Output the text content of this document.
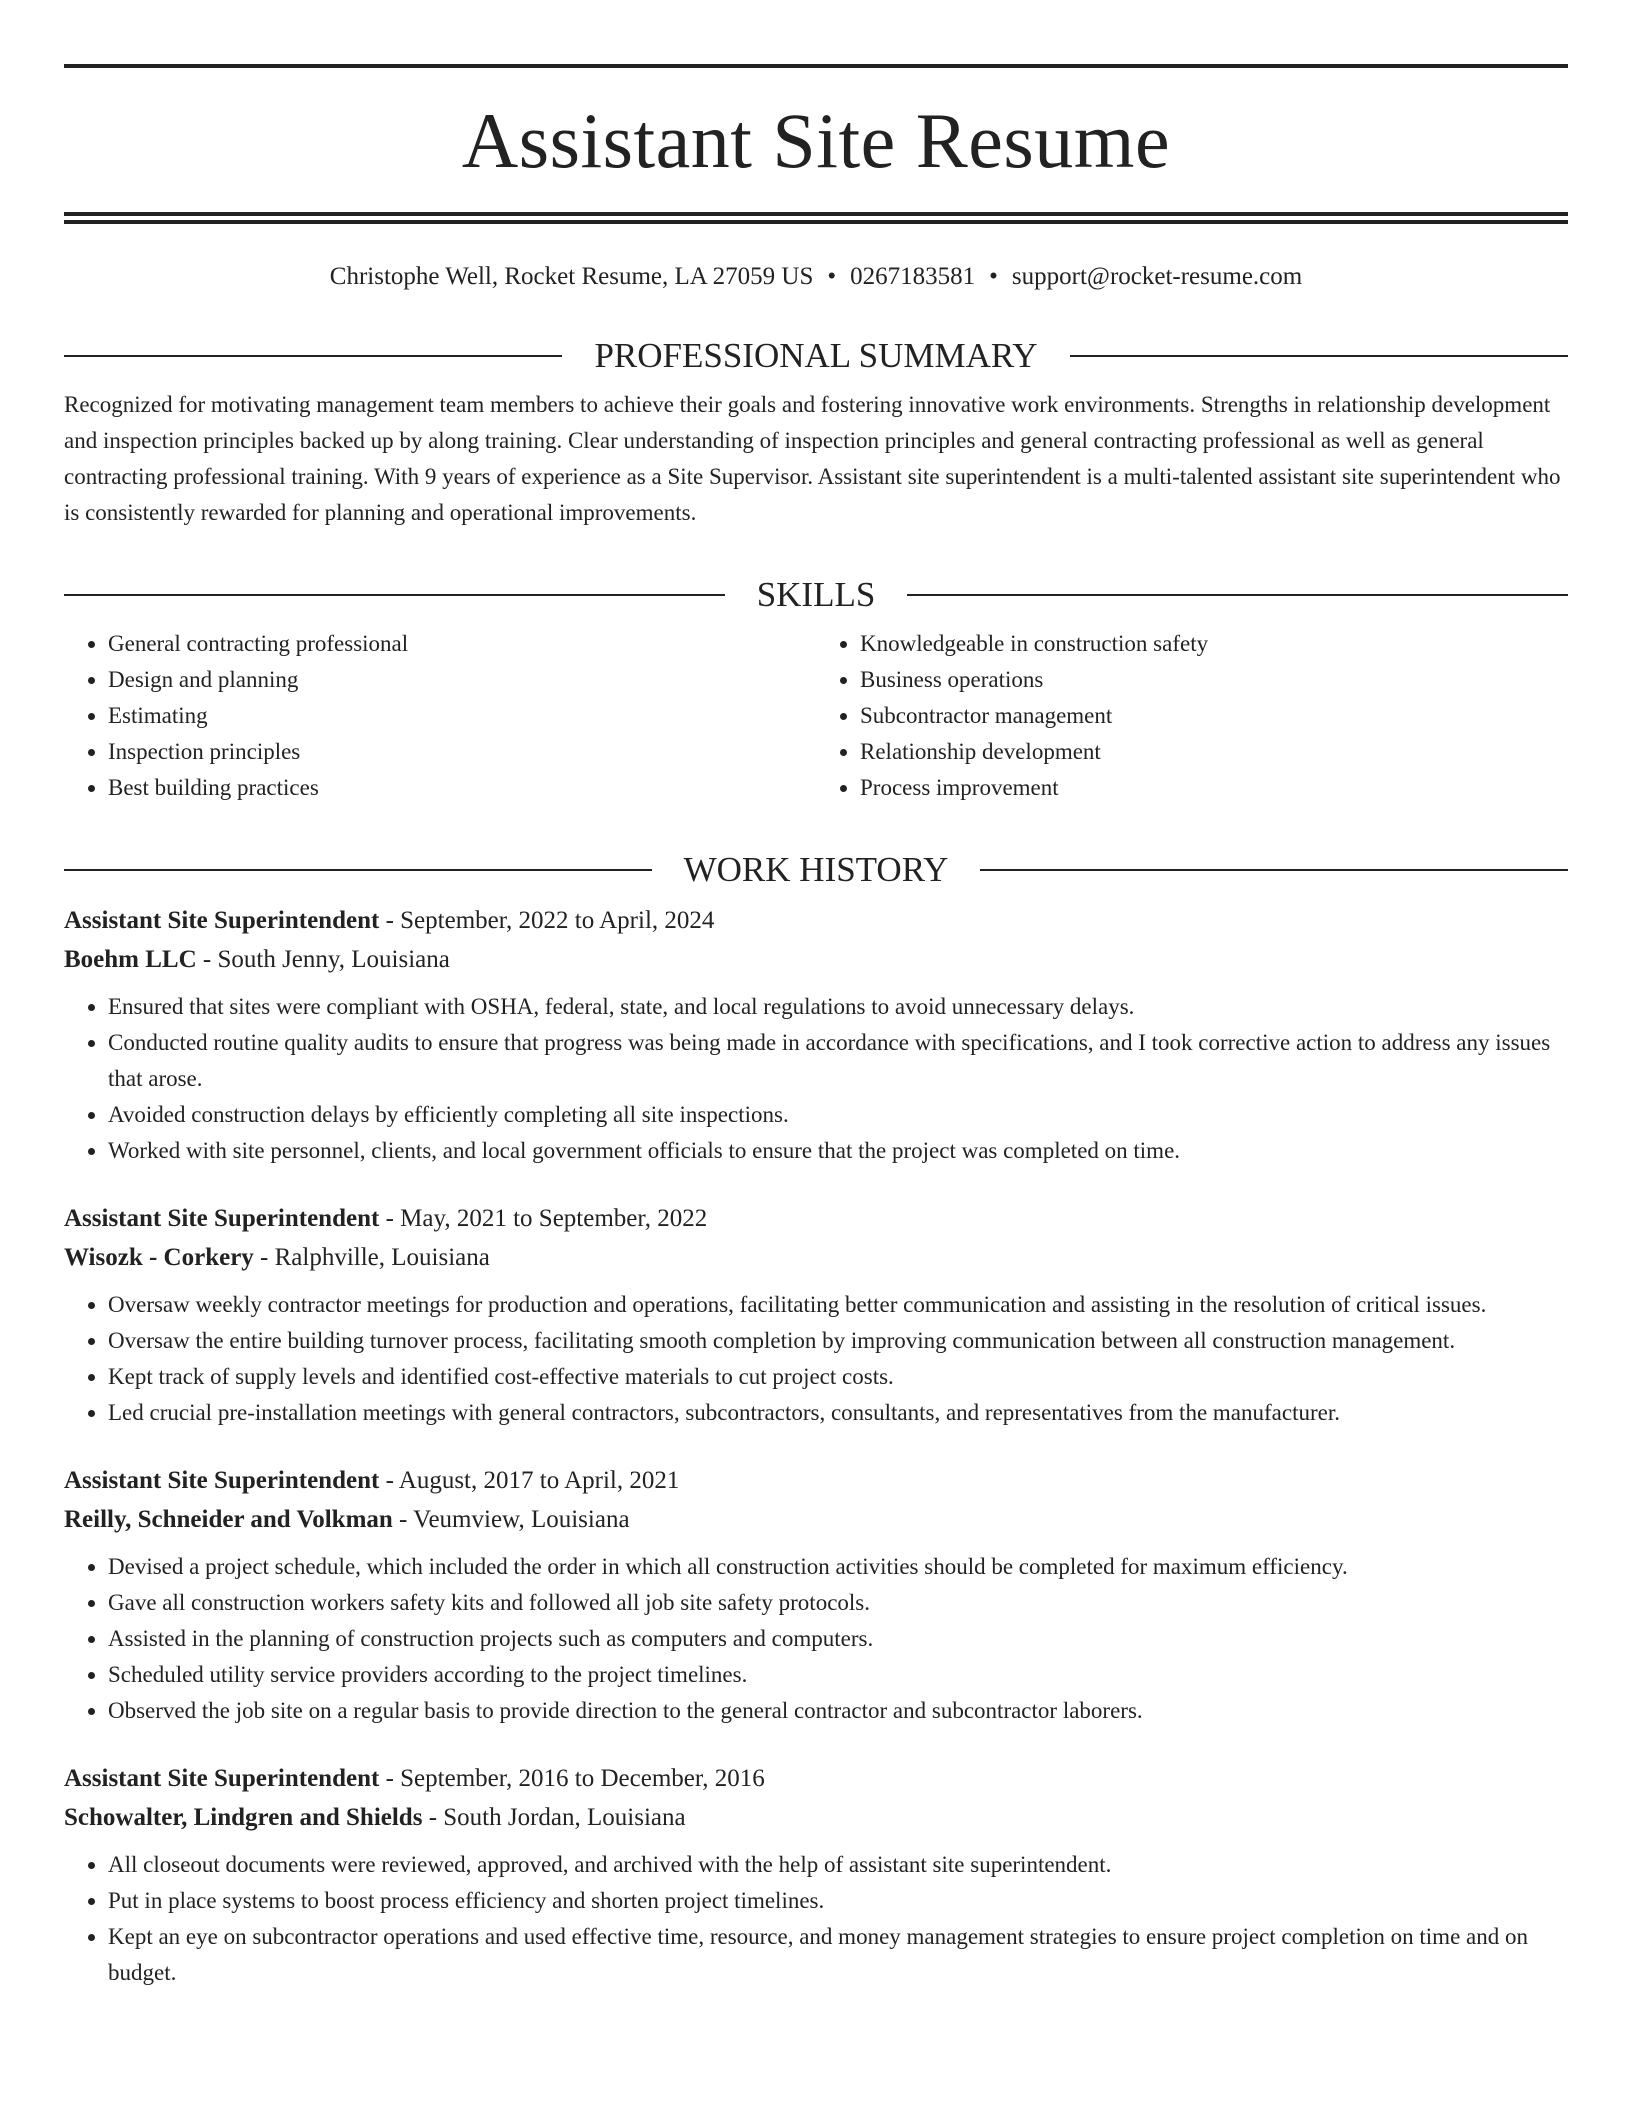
Assistant Site Resume
Christophe Well, Rocket Resume, LA 27059 US • 0267183581 • support@rocket-resume.com
PROFESSIONAL SUMMARY

Recognized for motivating management team members to achieve their goals and fostering innovative work environments. Strengths in relationship development and inspection principles backed up by along training. Clear understanding of inspection principles and general contracting professional as well as general contracting professional training. With 9 years of experience as a Site Supervisor. Assistant site superintendent is a multi-talented assistant site superintendent who is consistently rewarded for planning and operational improvements.

SKILLS
• General contracting professional
• Design and planning
• Estimating
• Inspection principles
• Best building practices
• Knowledgeable in construction safety
• Business operations
• Subcontractor management
• Relationship development
• Process improvement
WORK HISTORY
Assistant Site Superintendent - September, 2022 to April, 2024
Boehm LLC - South Jenny, Louisiana
• Ensured that sites were compliant with OSHA, federal, state, and local regulations to avoid unnecessary delays.
• Conducted routine quality audits to ensure that progress was being made in accordance with specifications, and I took corrective action to address any issues that arose.
• Avoided construction delays by efficiently completing all site inspections.
• Worked with site personnel, clients, and local government officials to ensure that the project was completed on time.
Assistant Site Superintendent - May, 2021 to September, 2022
Wisozk - Corkery - Ralphville, Louisiana
• Oversaw weekly contractor meetings for production and operations, facilitating better communication and assisting in the resolution of critical issues.
• Oversaw the entire building turnover process, facilitating smooth completion by improving communication between all construction management.
• Kept track of supply levels and identified cost-effective materials to cut project costs.
• Led crucial pre-installation meetings with general contractors, subcontractors, consultants, and representatives from the manufacturer.
Assistant Site Superintendent - August, 2017 to April, 2021
Reilly, Schneider and Volkman - Veumview, Louisiana
• Devised a project schedule, which included the order in which all construction activities should be completed for maximum efficiency.
• Gave all construction workers safety kits and followed all job site safety protocols.
• Assisted in the planning of construction projects such as computers and computers.
• Scheduled utility service providers according to the project timelines.
• Observed the job site on a regular basis to provide direction to the general contractor and subcontractor laborers.
Assistant Site Superintendent - September, 2016 to December, 2016
Schowalter, Lindgren and Shields - South Jordan, Louisiana
• All closeout documents were reviewed, approved, and archived with the help of assistant site superintendent.
• Put in place systems to boost process efficiency and shorten project timelines.
• Kept an eye on subcontractor operations and used effective time, resource, and money management strategies to ensure project completion on time and on budget.
